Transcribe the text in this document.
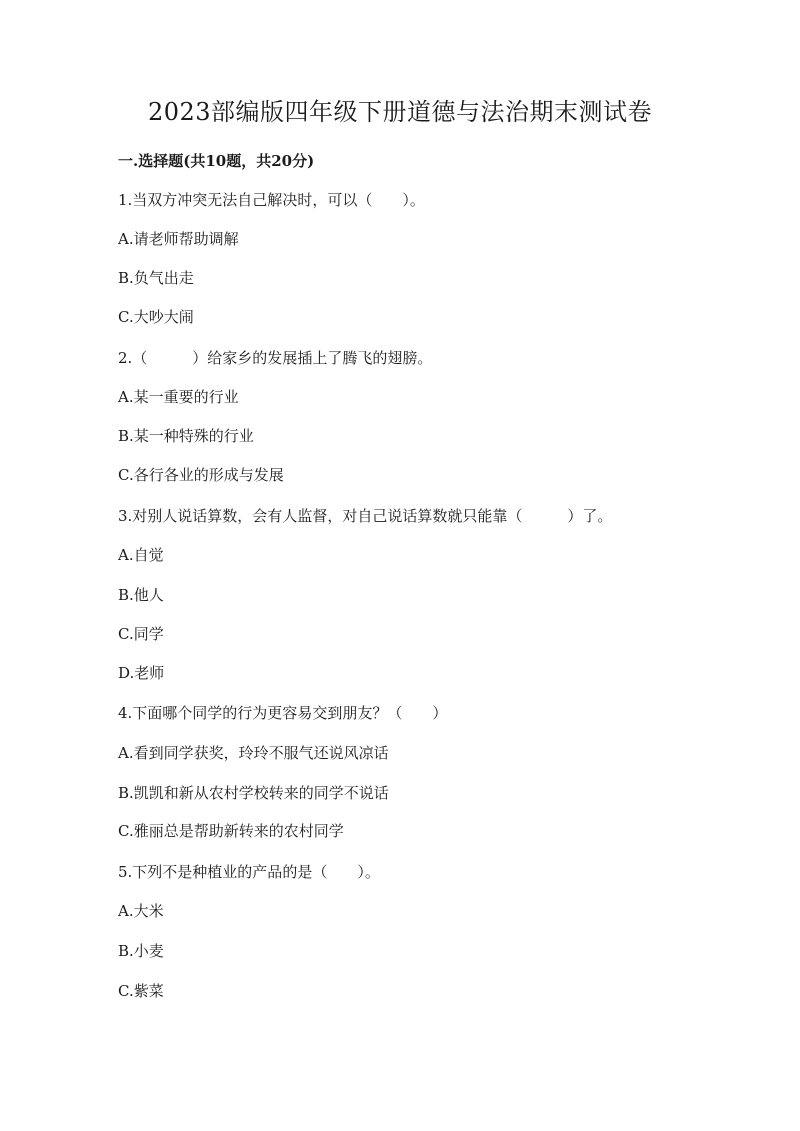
2023部编版四年级下册道德与法治期末测试卷

一.选择题(共10题，共20分)

1.当双方冲突无法自己解决时，可以（　　）。

A.请老师帮助调解

B.负气出走

C.大吵大闹

2.（　　　）给家乡的发展插上了腾飞的翅膀。

A.某一重要的行业

B.某一种特殊的行业

C.各行各业的形成与发展

3.对别人说话算数，会有人监督，对自己说话算数就只能靠（　　　）了。

A.自觉

B.他人

C.同学

D.老师

4.下面哪个同学的行为更容易交到朋友？（　　）

A.看到同学获奖，玲玲不服气还说风凉话

B.凯凯和新从农村学校转来的同学不说话

C.雅丽总是帮助新转来的农村同学

5.下列不是种植业的产品的是（　　）。

A.大米

B.小麦

C.紫菜
